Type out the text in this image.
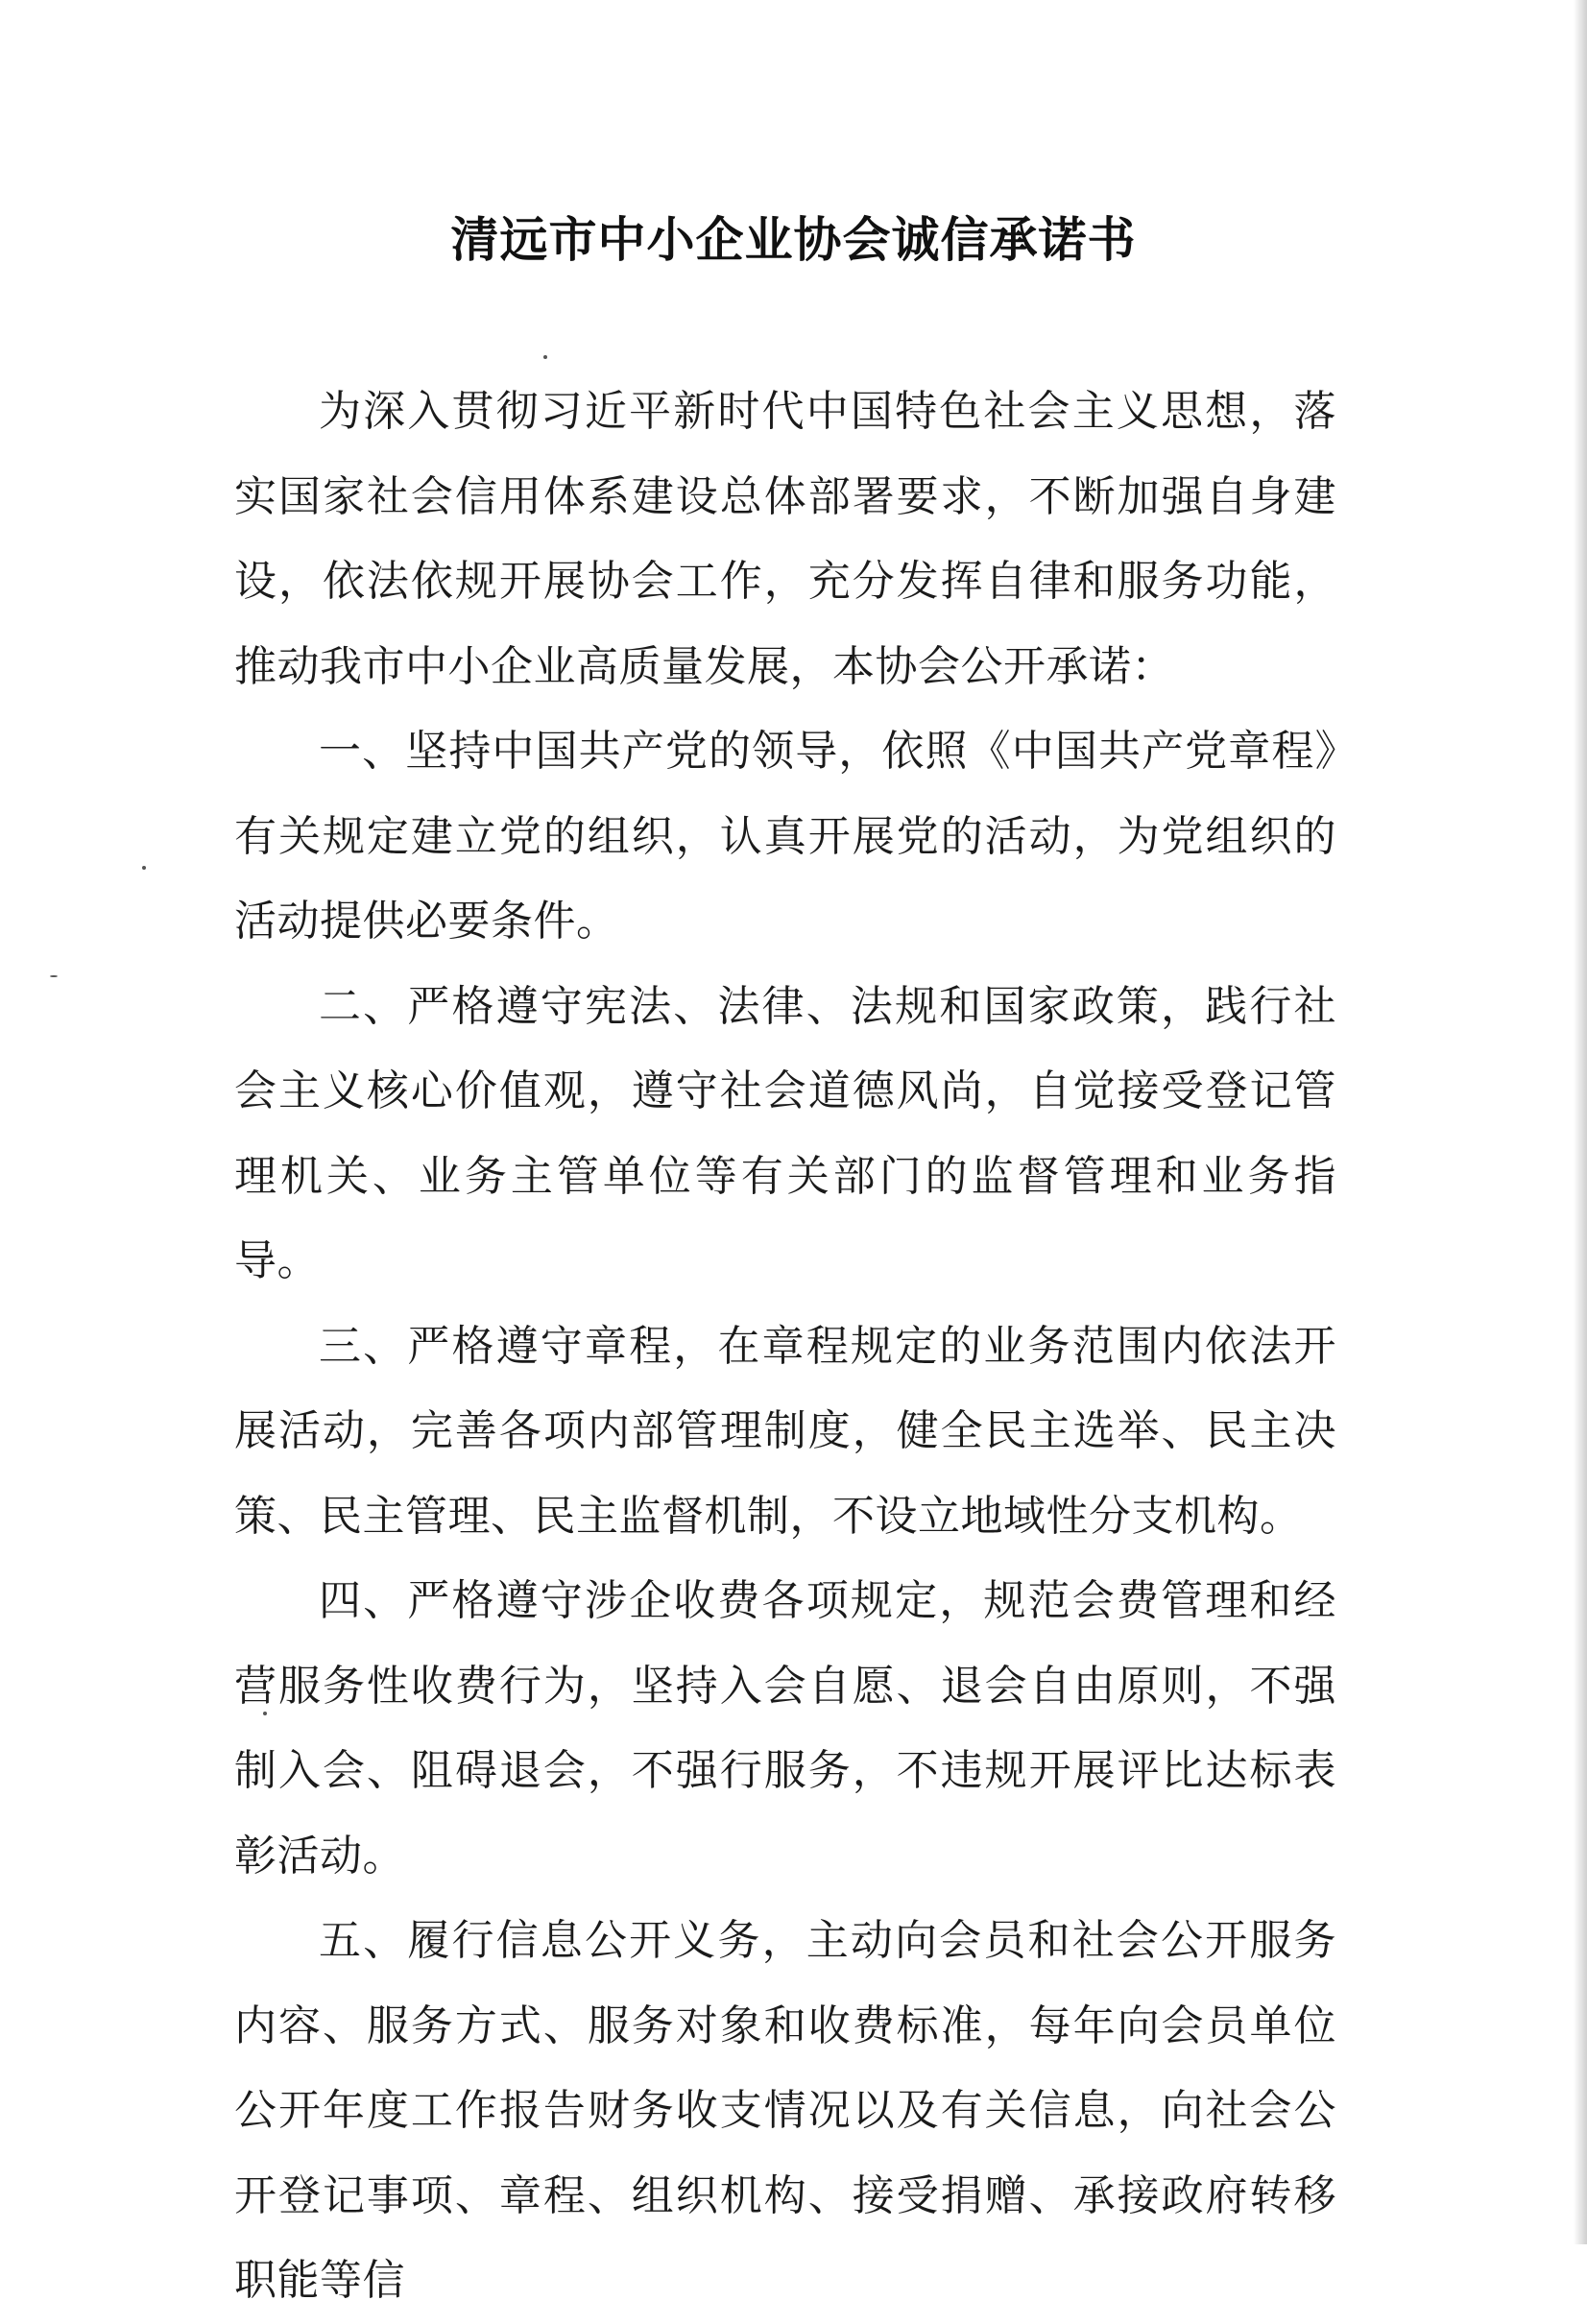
清远市中小企业协会诚信承诺书

为深入贯彻习近平新时代中国特色社会主义思想，落实国家社会信用体系建设总体部署要求，不断加强自身建设，依法依规开展协会工作，充分发挥自律和服务功能，推动我市中小企业高质量发展，本协会公开承诺：

一、坚持中国共产党的领导，依照《中国共产党章程》有关规定建立党的组织，认真开展党的活动，为党组织的活动提供必要条件。

二、严格遵守宪法、法律、法规和国家政策，践行社会主义核心价值观，遵守社会道德风尚，自觉接受登记管理机关、业务主管单位等有关部门的监督管理和业务指导。

三、严格遵守章程，在章程规定的业务范围内依法开展活动，完善各项内部管理制度，健全民主选举、民主决策、民主管理、民主监督机制，不设立地域性分支机构。

四、严格遵守涉企收费各项规定，规范会费管理和经营服务性收费行为，坚持入会自愿、退会自由原则，不强制入会、阻碍退会，不强行服务，不违规开展评比达标表彰活动。

五、履行信息公开义务，主动向会员和社会公开服务内容、服务方式、服务对象和收费标准，每年向会员单位公开年度工作报告财务收支情况以及有关信息，向社会公开登记事项、章程、组织机构、接受捐赠、承接政府转移职能等信
